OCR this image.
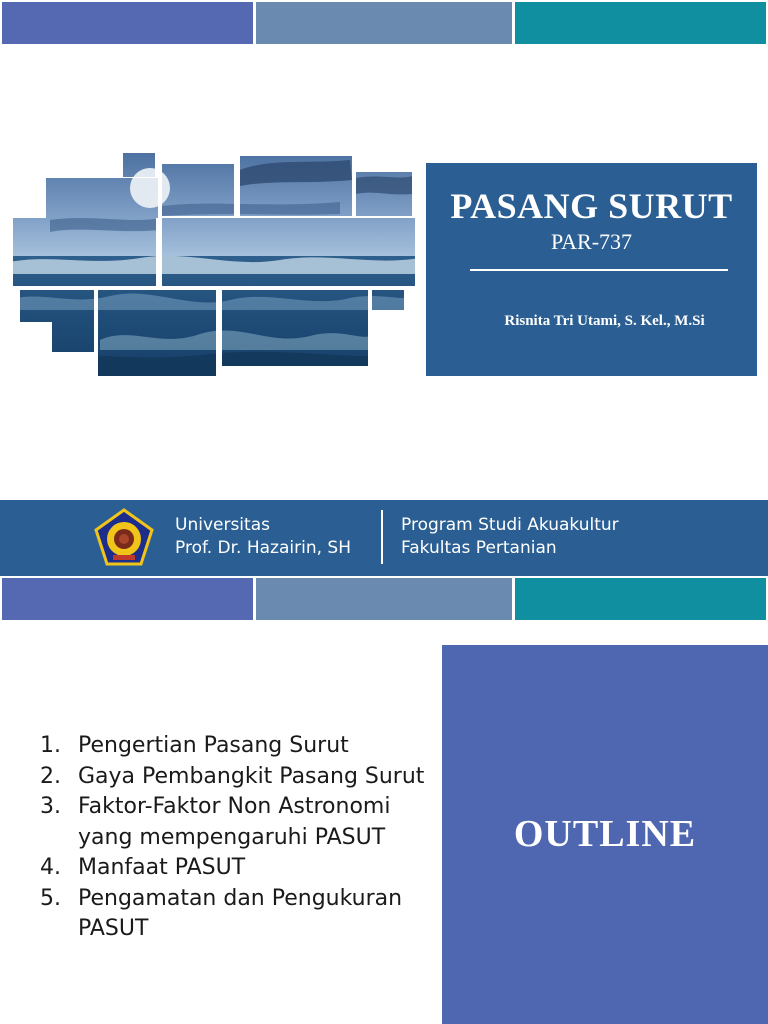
PASANG SURUT
PAR-737
Risnita Tri Utami, S. Kel., M.Si
Universitas
Prof. Dr. Hazairin, SH
Program Studi Akuakultur
Fakultas Pertanian
1. Pengertian Pasang Surut
2. Gaya Pembangkit Pasang Surut
3. Faktor-Faktor Non Astronomi yang mempengaruhi PASUT
4. Manfaat PASUT
5. Pengamatan dan Pengukuran PASUT
OUTLINE
